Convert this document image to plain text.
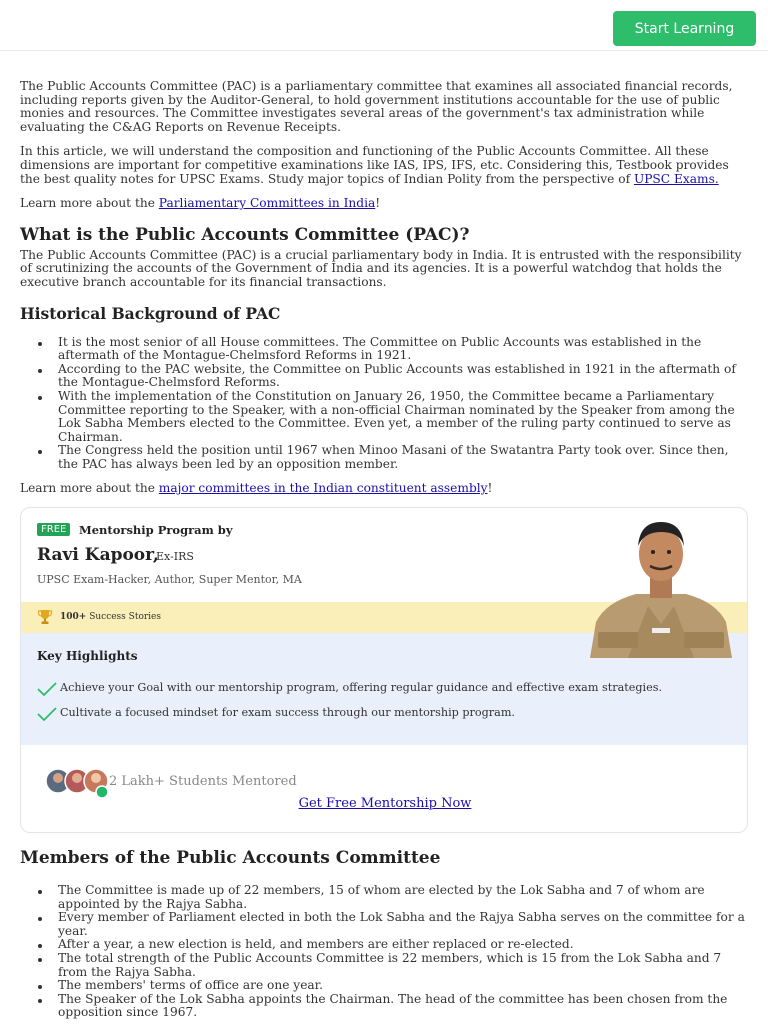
Start Learning

The Public Accounts Committee (PAC) is a parliamentary committee that examines all associated financial records, including reports given by the Auditor-General, to hold government institutions accountable for the use of public monies and resources. The Committee investigates several areas of the government's tax administration while evaluating the C&AG Reports on Revenue Receipts.

In this article, we will understand the composition and functioning of the Public Accounts Committee. All these dimensions are important for competitive examinations like IAS, IPS, IFS, etc. Considering this, Testbook provides the best quality notes for UPSC Exams. Study major topics of Indian Polity from the perspective of UPSC Exams.

Learn more about the Parliamentary Committees in India!

What is the Public Accounts Committee (PAC)?

The Public Accounts Committee (PAC) is a crucial parliamentary body in India. It is entrusted with the responsibility of scrutinizing the accounts of the Government of India and its agencies. It is a powerful watchdog that holds the executive branch accountable for its financial transactions.

Historical Background of PAC
It is the most senior of all House committees. The Committee on Public Accounts was established in the aftermath of the Montague-Chelmsford Reforms in 1921.
According to the PAC website, the Committee on Public Accounts was established in 1921 in the aftermath of the Montague-Chelmsford Reforms.
With the implementation of the Constitution on January 26, 1950, the Committee became a Parliamentary Committee reporting to the Speaker, with a non-official Chairman nominated by the Speaker from among the Lok Sabha Members elected to the Committee. Even yet, a member of the ruling party continued to serve as Chairman.
The Congress held the position until 1967 when Minoo Masani of the Swatantra Party took over. Since then, the PAC has always been led by an opposition member.

Learn more about the major committees in the Indian constituent assembly!

FREE	Mentorship Program by
Ravi Kapoor,
Ex-IRS
UPSC Exam-Hacker, Author, Super Mentor, MA
100+ Success Stories
Key Highlights
Achieve your Goal with our mentorship program, offering regular guidance and effective exam strategies.
Cultivate a focused mindset for exam success through our mentorship program.
2 Lakh+ Students Mentored
Get Free Mentorship Now
Members of the Public Accounts Committee
The Committee is made up of 22 members, 15 of whom are elected by the Lok Sabha and 7 of whom are appointed by the Rajya Sabha.
Every member of Parliament elected in both the Lok Sabha and the Rajya Sabha serves on the committee for a year.
After a year, a new election is held, and members are either replaced or re-elected.
The total strength of the Public Accounts Committee is 22 members, which is 15 from the Lok Sabha and 7 from the Rajya Sabha.
The members' terms of office are one year.
The Speaker of the Lok Sabha appoints the Chairman. The head of the committee has been chosen from the opposition since 1967.
